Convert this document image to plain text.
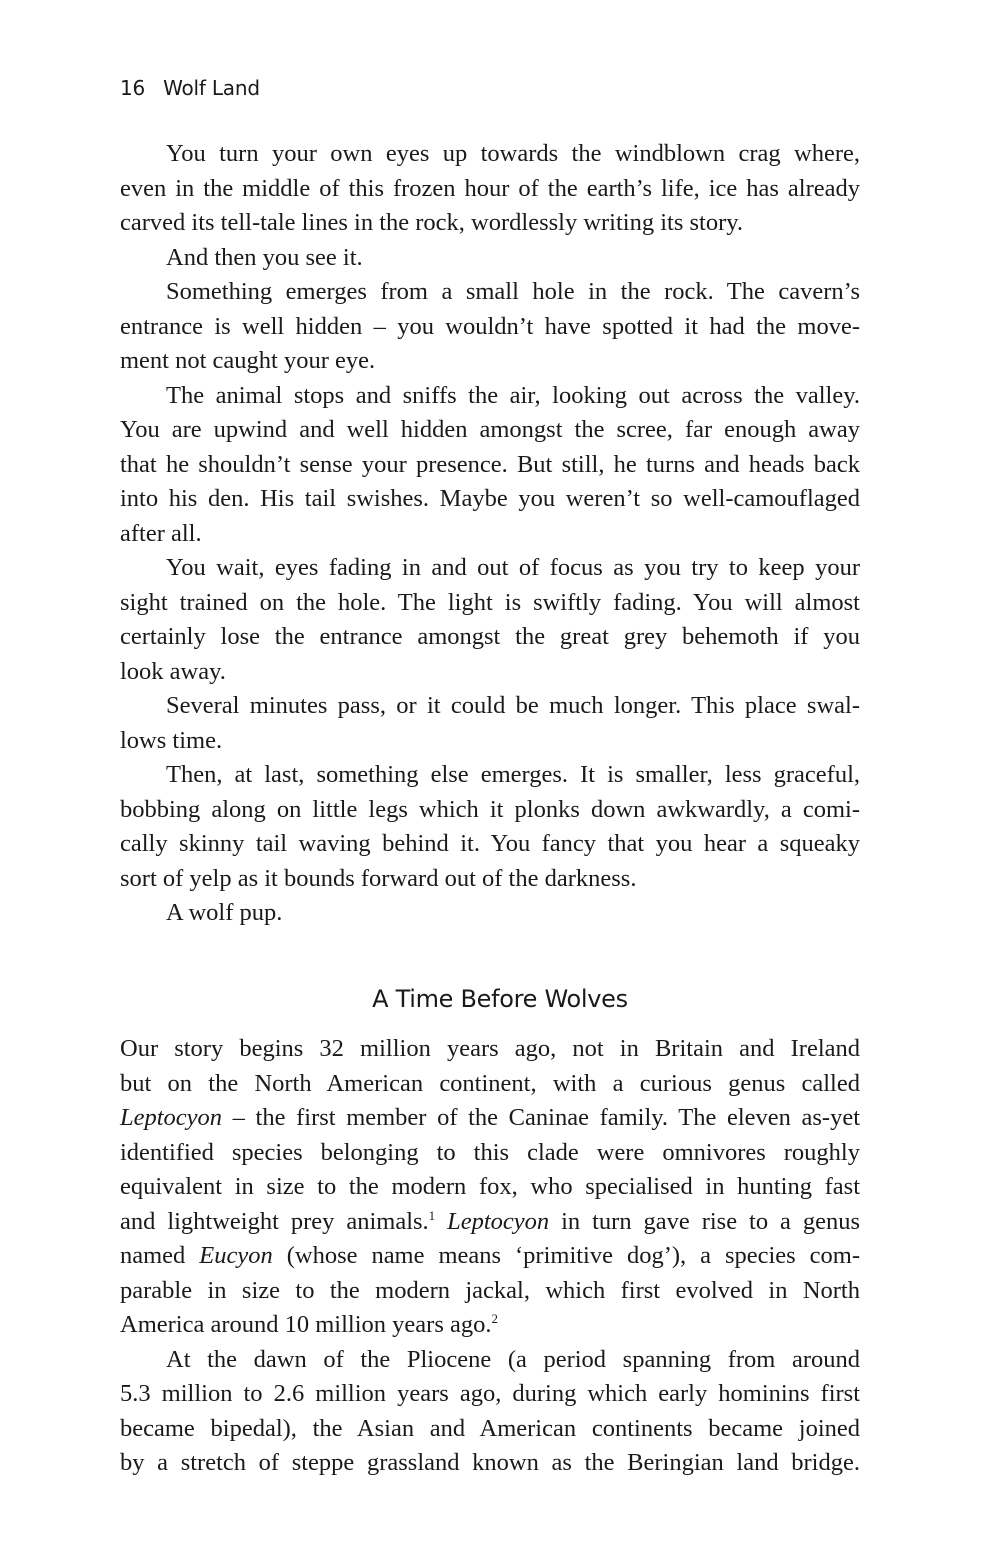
16 Wolf Land
You turn your own eyes up towards the windblown crag where,
even in the middle of this frozen hour of the earth’s life, ice has already
carved its tell-tale lines in the rock, wordlessly writing its story.
And then you see it.
Something emerges from a small hole in the rock. The cavern’s
entrance is well hidden – you wouldn’t have spotted it had the move-
ment not caught your eye.
The animal stops and sniffs the air, looking out across the valley.
You are upwind and well hidden amongst the scree, far enough away
that he shouldn’t sense your presence. But still, he turns and heads back
into his den. His tail swishes. Maybe you weren’t so well-camouflaged
after all.
You wait, eyes fading in and out of focus as you try to keep your
sight trained on the hole. The light is swiftly fading. You will almost
certainly lose the entrance amongst the great grey behemoth if you
look away.
Several minutes pass, or it could be much longer. This place swal-
lows time.
Then, at last, something else emerges. It is smaller, less graceful,
bobbing along on little legs which it plonks down awkwardly, a comi-
cally skinny tail waving behind it. You fancy that you hear a squeaky
sort of yelp as it bounds forward out of the darkness.
A wolf pup.
A Time Before Wolves
Our story begins 32 million years ago, not in Britain and Ireland
but on the North American continent, with a curious genus called
Leptocyon – the first member of the Caninae family. The eleven as-yet
identified species belonging to this clade were omnivores roughly
equivalent in size to the modern fox, who specialised in hunting fast
and lightweight prey animals.$^1$ Leptocyon in turn gave rise to a genus
named Eucyon (whose name means ‘primitive dog’), a species com-
parable in size to the modern jackal, which first evolved in North
America around 10 million years ago.$^2$
At the dawn of the Pliocene (a period spanning from around
5.3 million to 2.6 million years ago, during which early hominins first
became bipedal), the Asian and American continents became joined
by a stretch of steppe grassland known as the Beringian land bridge.
